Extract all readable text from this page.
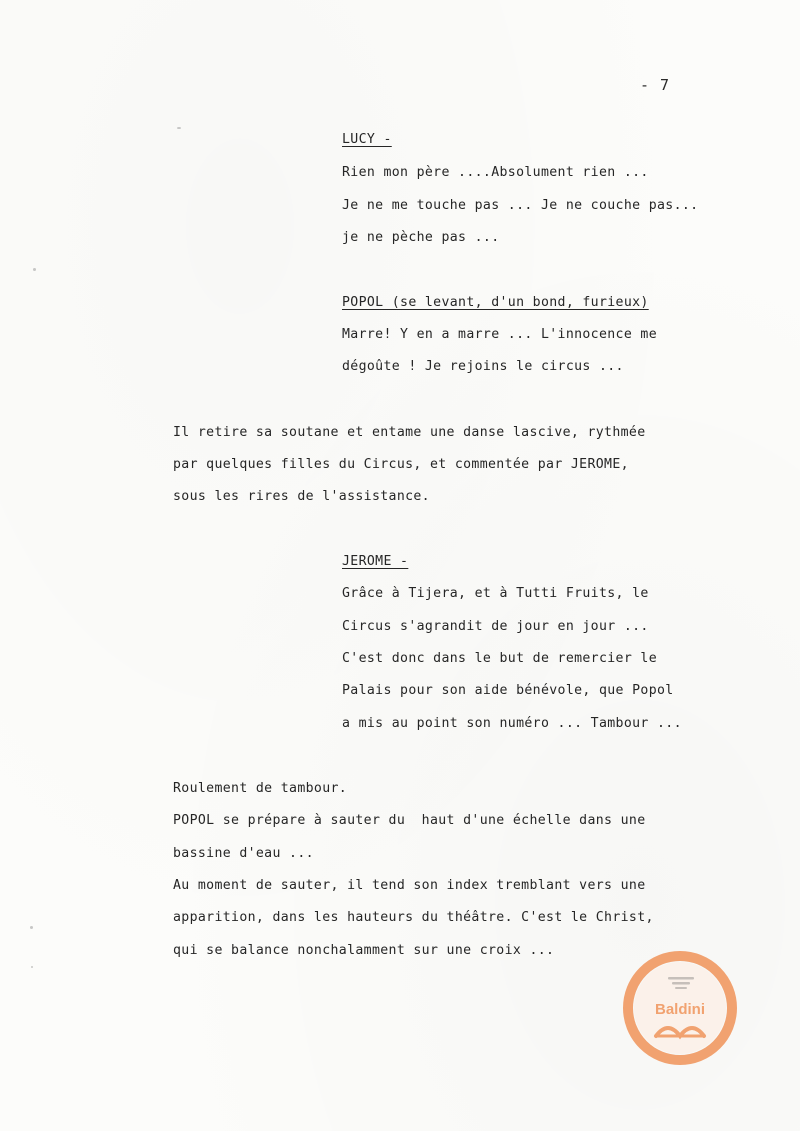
- 7
LUCY -
Rien mon père ....Absolument rien ...
Je ne me touche pas ... Je ne couche pas...
je ne pèche pas ...
POPOL (se levant, d'un bond, furieux)
Marre! Y en a marre ... L'innocence me
dégoûte ! Je rejoins le circus ...
Il retire sa soutane et entame une danse lascive, rythmée
par quelques filles du Circus, et commentée par JEROME,
sous les rires de l'assistance.
JEROME -
Grâce à Tijera, et à Tutti Fruits, le
Circus s'agrandit de jour en jour ...
C'est donc dans le but de remercier le
Palais pour son aide bénévole, que Popol
a mis au point son numéro ... Tambour ...
Roulement de tambour.
POPOL se prépare à sauter du  haut d'une échelle dans une
bassine d'eau ...
Au moment de sauter, il tend son index tremblant vers une
apparition, dans les hauteurs du théâtre. C'est le Christ,
qui se balance nonchalamment sur une croix ...
Baldini
